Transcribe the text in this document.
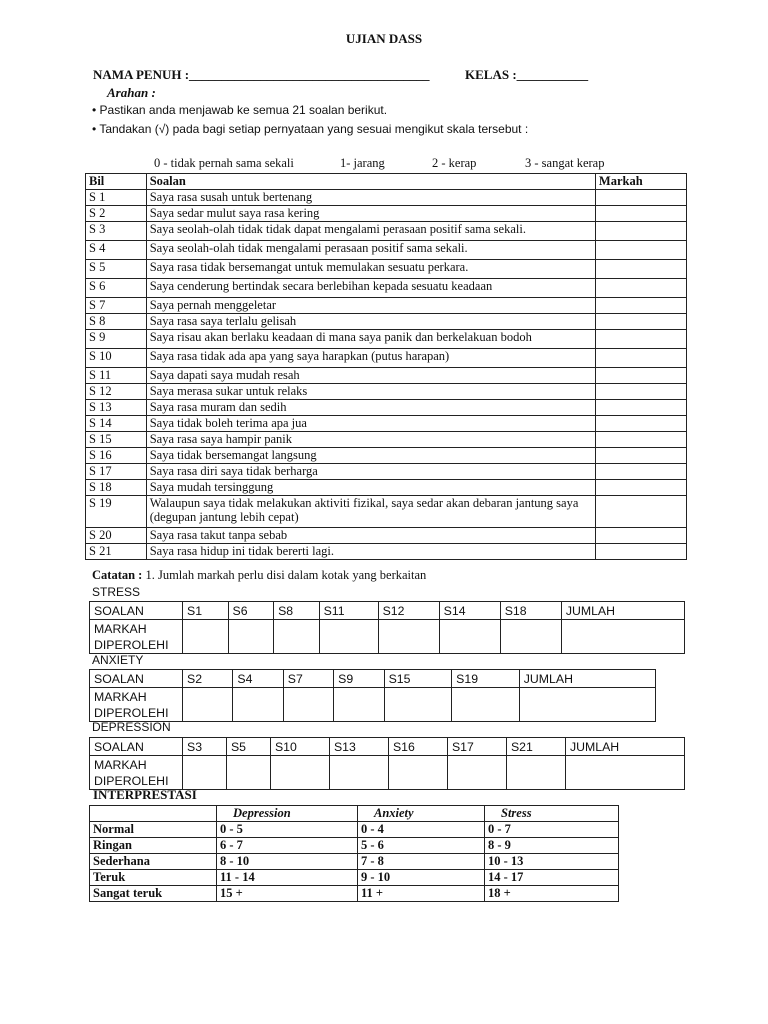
UJIAN DASS
NAMA PENUH :_____________________________________	KELAS :___________
Arahan :
• Pastikan anda menjawab ke semua 21 soalan berikut.
• Tandakan (√) pada bagi setiap pernyataan yang sesuai mengikut skala tersebut :
0 - tidak pernah sama sekali	1- jarang	2 - kerap	3 - sangat kerap
Bil	Soalan	Markah
S 1	Saya rasa susah untuk bertenang	
S 2	Saya sedar mulut saya rasa kering	
S 3	Saya seolah-olah tidak tidak dapat mengalami perasaan positif sama sekali.	
S 4	Saya seolah-olah tidak mengalami perasaan positif sama sekali.	
S 5	Saya rasa tidak bersemangat untuk memulakan sesuatu perkara.	
S 6	Saya cenderung bertindak secara berlebihan kepada sesuatu keadaan	
S 7	Saya pernah menggeletar	
S 8	Saya rasa saya terlalu gelisah	
S 9	Saya risau akan berlaku keadaan di mana saya panik dan berkelakuan bodoh	
S 10	Saya rasa tidak ada apa yang saya harapkan (putus harapan)	
S 11	Saya dapati saya mudah resah	
S 12	Saya merasa sukar untuk relaks	
S 13	Saya rasa muram dan sedih	
S 14	Saya tidak boleh terima apa jua	
S 15	Saya rasa saya hampir panik	
S 16	Saya tidak bersemangat langsung	
S 17	Saya rasa diri saya tidak berharga	
S 18	Saya mudah tersinggung	
S 19	Walaupun saya tidak melakukan aktiviti fizikal, saya sedar akan debaran jantung saya (degupan jantung lebih cepat)	
S 20	Saya rasa takut tanpa sebab	
S 21	Saya rasa hidup ini tidak bererti lagi.	
Catatan : 1. Jumlah markah perlu disi dalam kotak yang berkaitan
STRESS
SOALAN	S1	S6	S8	S11	S12	S14	S18	JUMLAH
MARKAH
DIPEROLEHI								
ANXIETY
SOALAN	S2	S4	S7	S9	S15	S19	JUMLAH
MARKAH
DIPEROLEHI							
DEPRESSION
SOALAN	S3	S5	S10	S13	S16	S17	S21	JUMLAH
MARKAH
DIPEROLEHI								
INTERPRESTASI
	Depression	Anxiety	Stress
Normal	0 - 5	0 - 4	0 - 7
Ringan	6 - 7	5 - 6	8 - 9
Sederhana	8 - 10	7 - 8	10 - 13
Teruk	11 - 14	9 - 10	14 - 17
Sangat teruk	15 +	11 +	18 +
